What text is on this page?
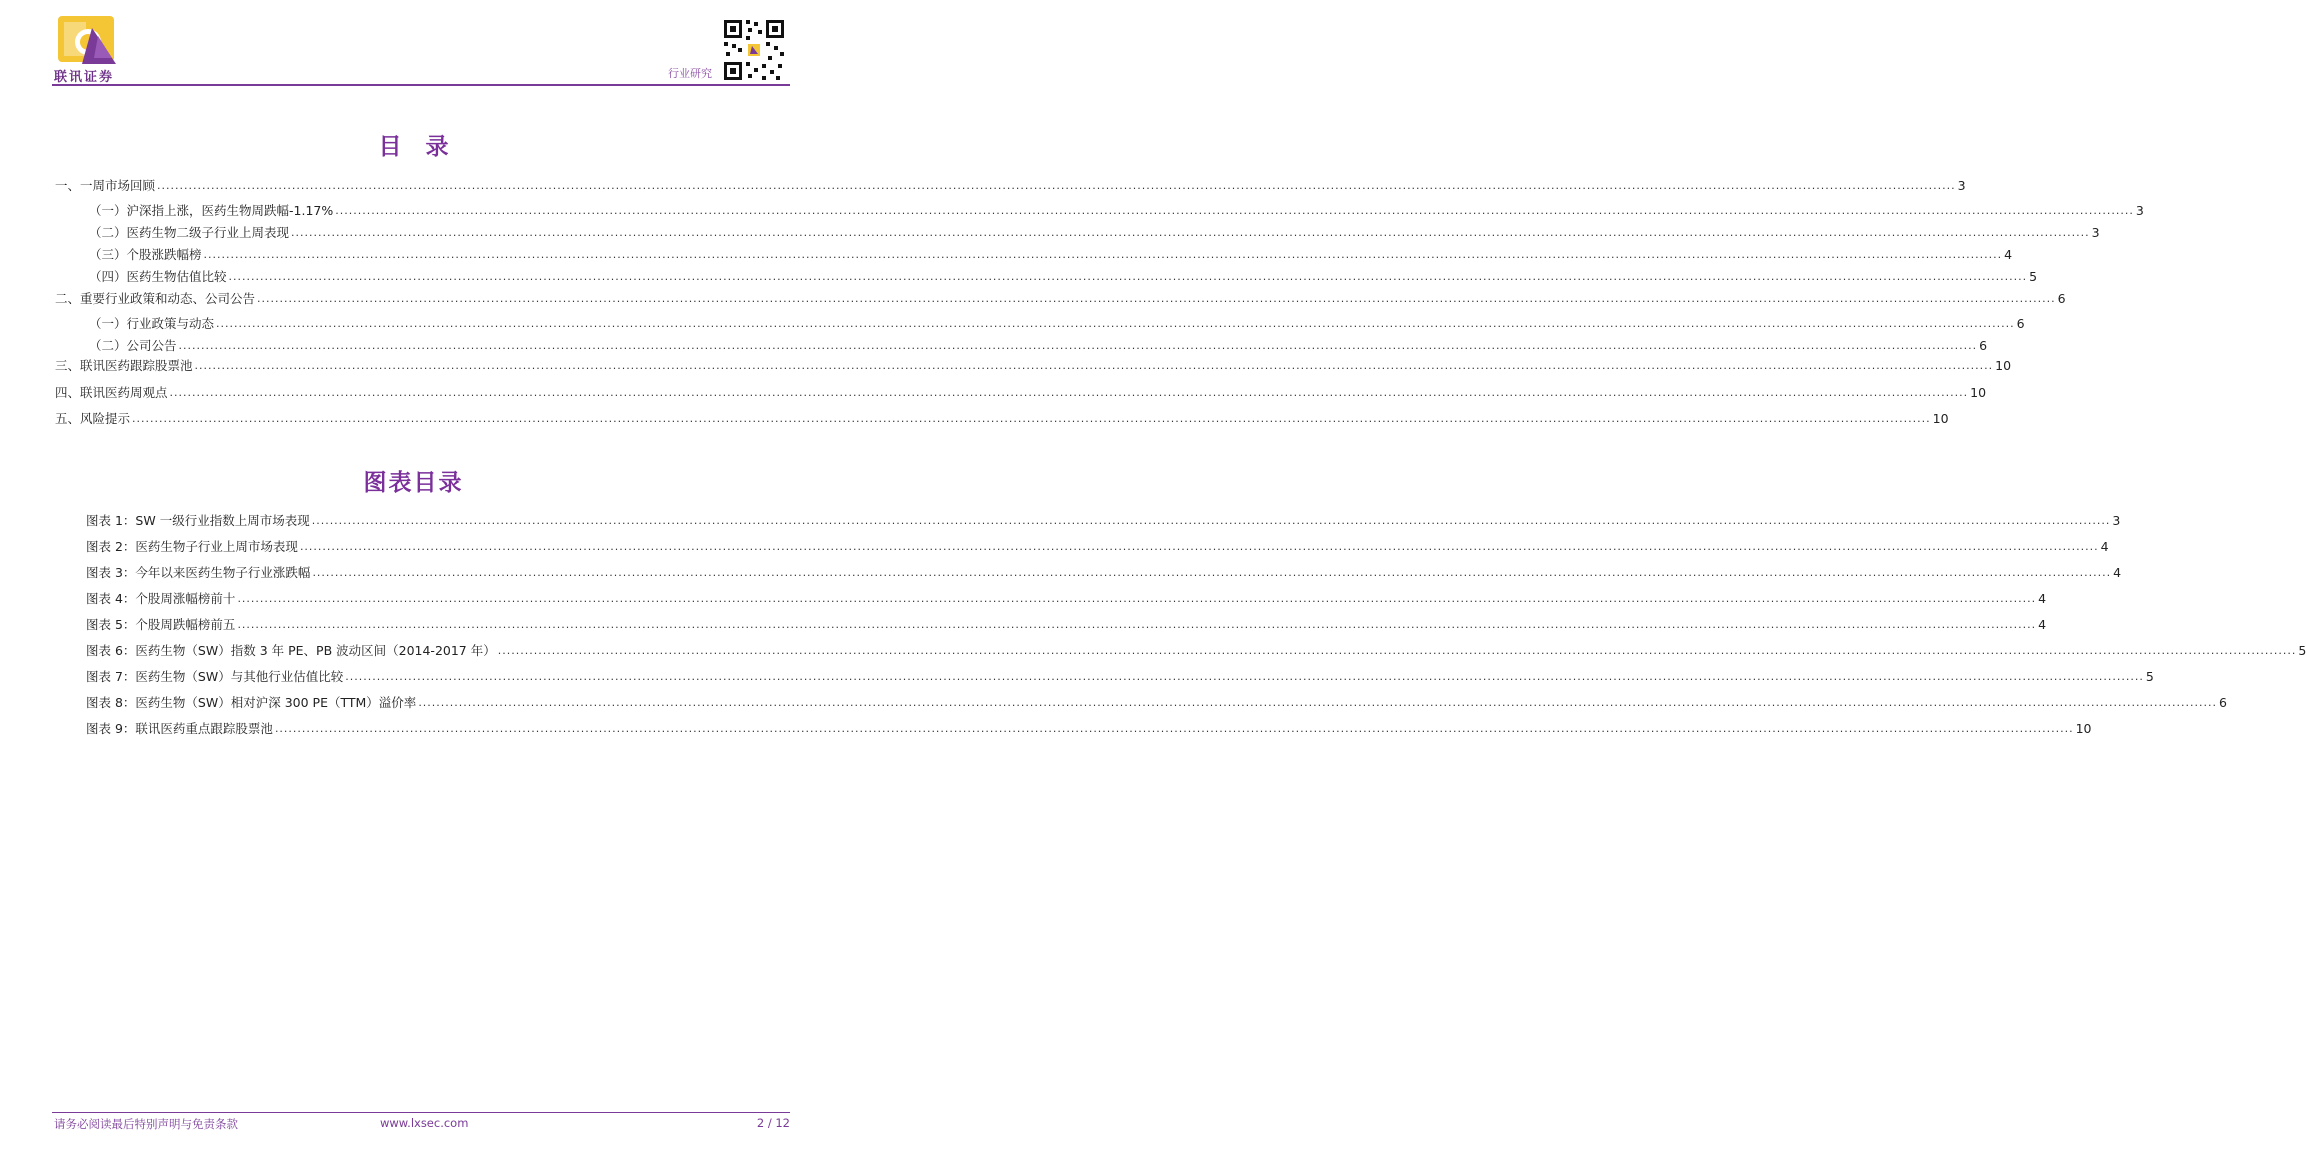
联讯证券	行业研究
目录
一、一周市场回顾 ................................................................................................................................................................................................................................................................................................................................................................................................................ 3
（一）沪深指上涨，医药生物周跌幅-1.17% ................................................................................................................................................................................................................................................................................................................................................................................................................ 3
（二）医药生物二级子行业上周表现 ................................................................................................................................................................................................................................................................................................................................................................................................................ 3
（三）个股涨跌幅榜 ................................................................................................................................................................................................................................................................................................................................................................................................................ 4
（四）医药生物估值比较 ................................................................................................................................................................................................................................................................................................................................................................................................................ 5
二、重要行业政策和动态、公司公告 ................................................................................................................................................................................................................................................................................................................................................................................................................ 6
（一）行业政策与动态 ................................................................................................................................................................................................................................................................................................................................................................................................................ 6
（二）公司公告 ................................................................................................................................................................................................................................................................................................................................................................................................................ 6
三、联讯医药跟踪股票池 ................................................................................................................................................................................................................................................................................................................................................................................................................ 10
四、联讯医药周观点 ................................................................................................................................................................................................................................................................................................................................................................................................................ 10
五、风险提示 ................................................................................................................................................................................................................................................................................................................................................................................................................ 10
图表目录
图表 1：SW 一级行业指数上周市场表现 ................................................................................................................................................................................................................................................................................................................................................................................................................ 3
图表 2：医药生物子行业上周市场表现 ................................................................................................................................................................................................................................................................................................................................................................................................................ 4
图表 3：今年以来医药生物子行业涨跌幅 ................................................................................................................................................................................................................................................................................................................................................................................................................ 4
图表 4：个股周涨幅榜前十 ................................................................................................................................................................................................................................................................................................................................................................................................................ 4
图表 5：个股周跌幅榜前五 ................................................................................................................................................................................................................................................................................................................................................................................................................ 4
图表 6：医药生物（SW）指数 3 年 PE、PB 波动区间（2014-2017 年） ................................................................................................................................................................................................................................................................................................................................................................................................................ 5
图表 7：医药生物（SW）与其他行业估值比较 ................................................................................................................................................................................................................................................................................................................................................................................................................ 5
图表 8：医药生物（SW）相对沪深 300 PE（TTM）溢价率 ................................................................................................................................................................................................................................................................................................................................................................................................................ 6
图表 9：联讯医药重点跟踪股票池 ................................................................................................................................................................................................................................................................................................................................................................................................................ 10
请务必阅读最后特别声明与免责条款	www.lxsec.com	2 / 12
